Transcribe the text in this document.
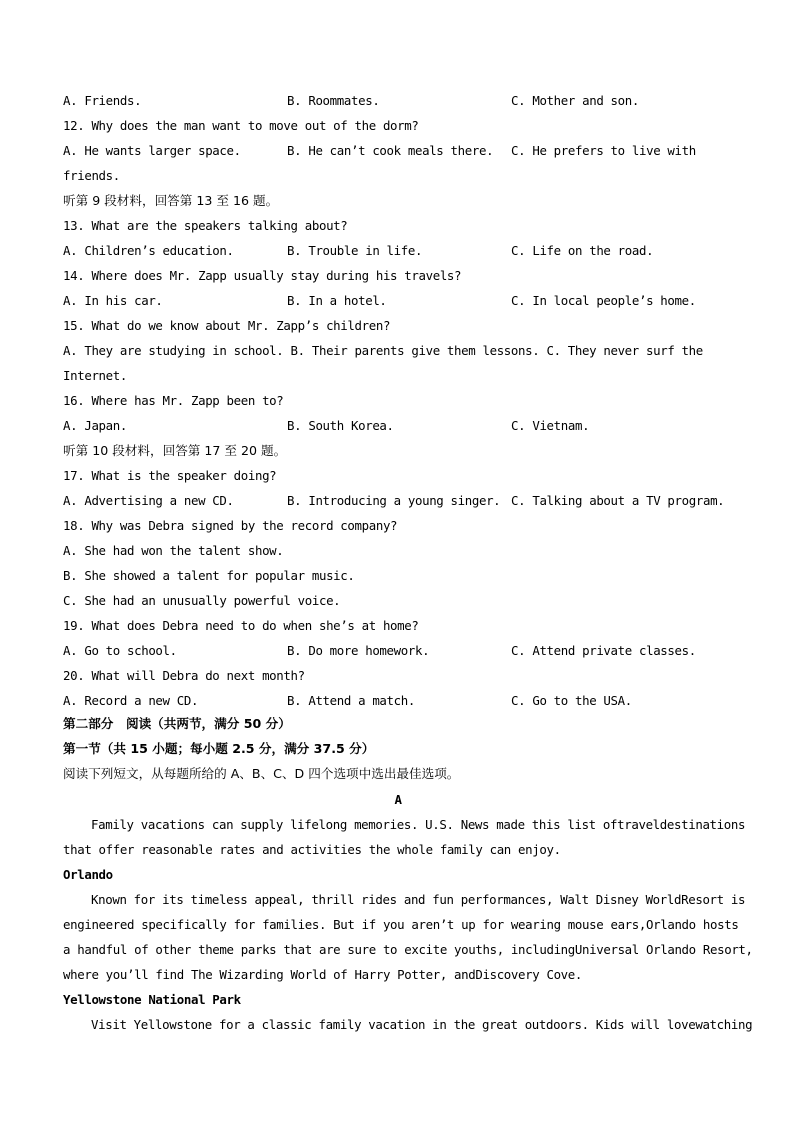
A. Friends.	B. Roommates.	C. Mother and son.
12. Why does the man want to move out of the dorm?
A. He wants larger space.	B. He can’t cook meals there.	C. He prefers to live with
friends.
听第 9 段材料，回答第 13 至 16 题。
13. What are the speakers talking about?
A. Children’s education.	B. Trouble in life.	C. Life on the road.
14. Where does Mr. Zapp usually stay during his travels?
A. In his car.	B. In a hotel.	C. In local people’s home.
15. What do we know about Mr. Zapp’s children?
A. They are studying in school. B. Their parents give them lessons. C. They never surf the
Internet.
16. Where has Mr. Zapp been to?
A. Japan.	B. South Korea.	C. Vietnam.
听第 10 段材料，回答第 17 至 20 题。
17. What is the speaker doing?
A. Advertising a new CD.	B. Introducing a young singer. C. Talking about a TV program.
18. Why was Debra signed by the record company?
A. She had won the talent show.
B. She showed a talent for popular music.
C. She had an unusually powerful voice.
19. What does Debra need to do when she’s at home?
A. Go to school.	B. Do more homework.	C. Attend private classes.
20. What will Debra do next month?
A. Record a new CD.	B. Attend a match.	C. Go to the USA.
第二部分　阅读（共两节，满分 50 分）
第一节（共 15 小题；每小题 2.5 分，满分 37.5 分）
阅读下列短文，从每题所给的 A、B、C、D 四个选项中选出最佳选项。
A
Family vacations can supply lifelong memories. U.S. News made this list oftraveldestinations
that offer reasonable rates and activities the whole family can enjoy.
Orlando
Known for its timeless appeal, thrill rides and fun performances, Walt Disney WorldResort is
engineered specifically for families. But if you aren’t up for wearing mouse ears,Orlando hosts
a handful of other theme parks that are sure to excite youths, includingUniversal Orlando Resort,
where you’ll find The Wizarding World of Harry Potter, andDiscovery Cove.
Yellowstone National Park
Visit Yellowstone for a classic family vacation in the great outdoors. Kids will lovewatching
